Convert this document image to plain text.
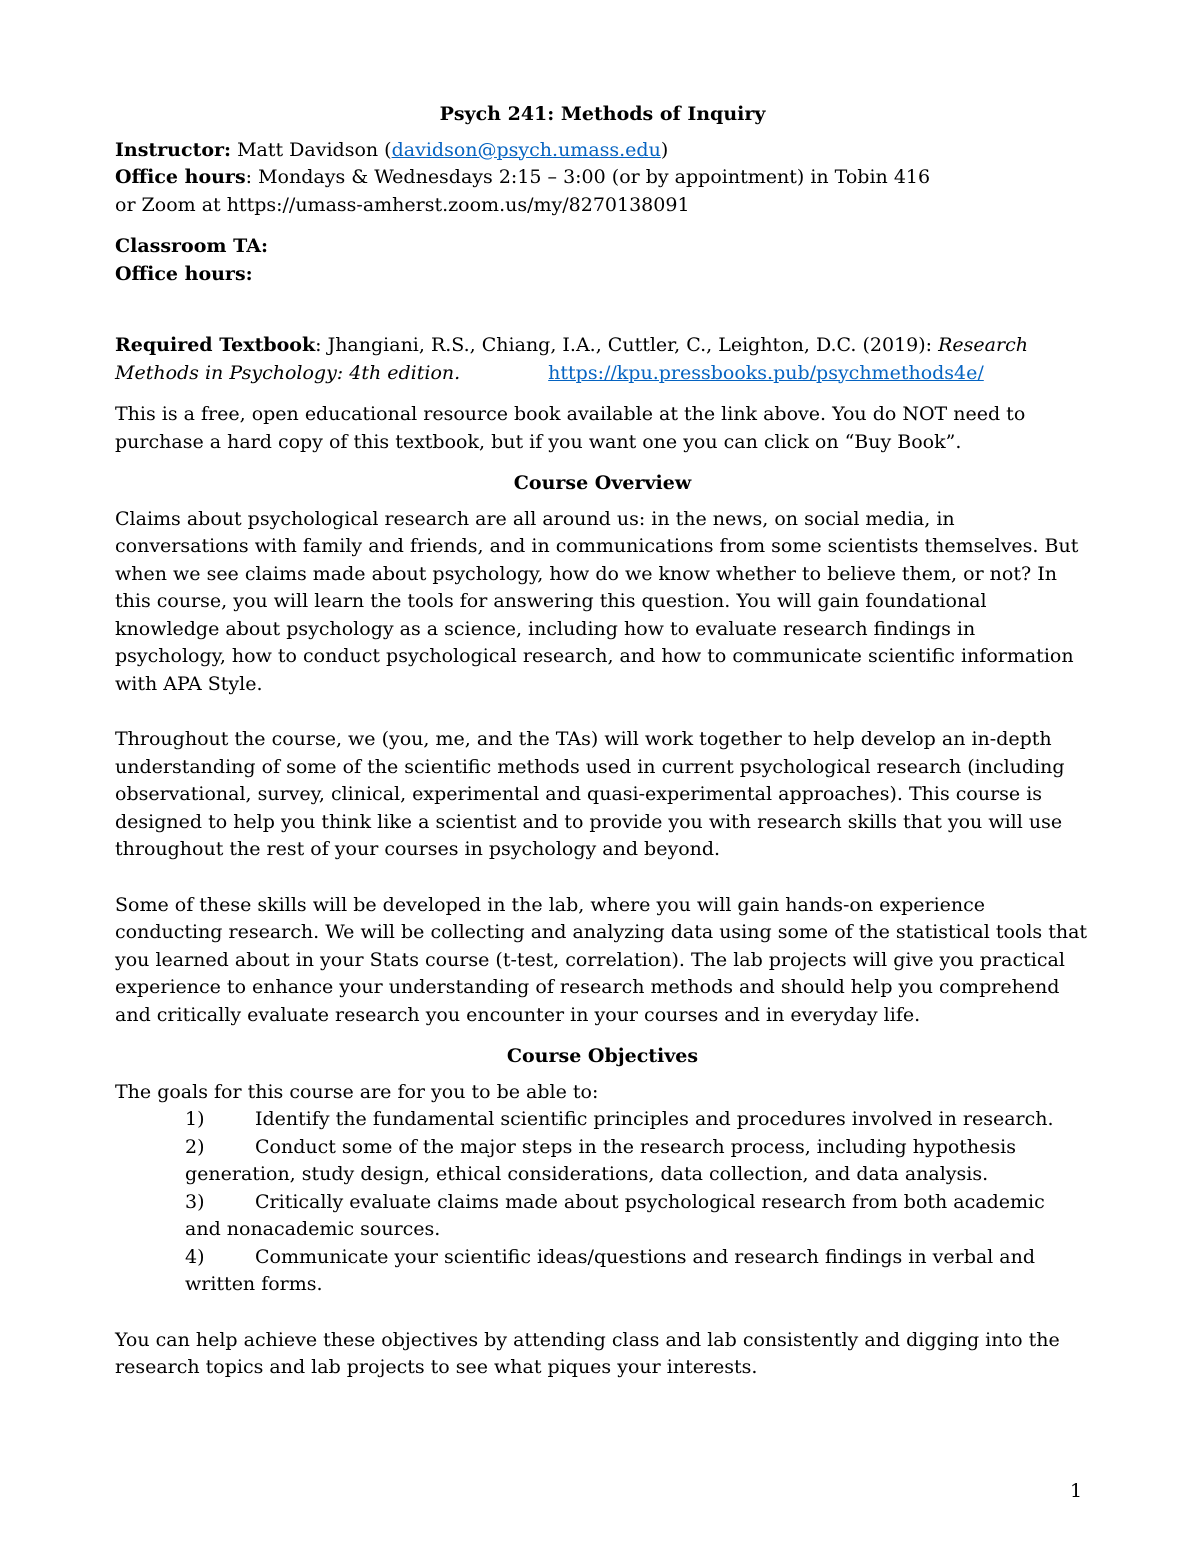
Psych 241: Methods of Inquiry

Instructor: Matt Davidson (davidson@psych.umass.edu)

Office hours: Mondays & Wednesdays 2:15 – 3:00 (or by appointment) in Tobin 416

or Zoom at https://umass-amherst.zoom.us/my/8270138091

Classroom TA:

Office hours:

Required Textbook: Jhangiani, R.S., Chiang, I.A., Cuttler, C., Leighton, D.C. (2019): Research

Methods in Psychology: 4th edition.	https://kpu.pressbooks.pub/psychmethods4e/

This is a free, open educational resource book available at the link above. You do NOT need to purchase a hard copy of this textbook, but if you want one you can click on “Buy Book”.

Course Overview

Claims about psychological research are all around us: in the news, on social media, in conversations with family and friends, and in communications from some scientists themselves. But when we see claims made about psychology, how do we know whether to believe them, or not? In this course, you will learn the tools for answering this question. You will gain foundational knowledge about psychology as a science, including how to evaluate research findings in psychology, how to conduct psychological research, and how to communicate scientific information with APA Style.

Throughout the course, we (you, me, and the TAs) will work together to help develop an in-depth understanding of some of the scientific methods used in current psychological research (including observational, survey, clinical, experimental and quasi-experimental approaches). This course is designed to help you think like a scientist and to provide you with research skills that you will use throughout the rest of your courses in psychology and beyond.

Some of these skills will be developed in the lab, where you will gain hands-on experience conducting research. We will be collecting and analyzing data using some of the statistical tools that you learned about in your Stats course (t-test, correlation). The lab projects will give you practical experience to enhance your understanding of research methods and should help you comprehend and critically evaluate research you encounter in your courses and in everyday life.

Course Objectives

The goals for this course are for you to be able to:

1)	Identify the fundamental scientific principles and procedures involved in research.
2)	Conduct some of the major steps in the research process, including hypothesis
generation, study design, ethical considerations, data collection, and data analysis.
3)	Critically evaluate claims made about psychological research from both academic
and nonacademic sources.
4)	Communicate your scientific ideas/questions and research findings in verbal and
written forms.

You can help achieve these objectives by attending class and lab consistently and digging into the research topics and lab projects to see what piques your interests.

1
